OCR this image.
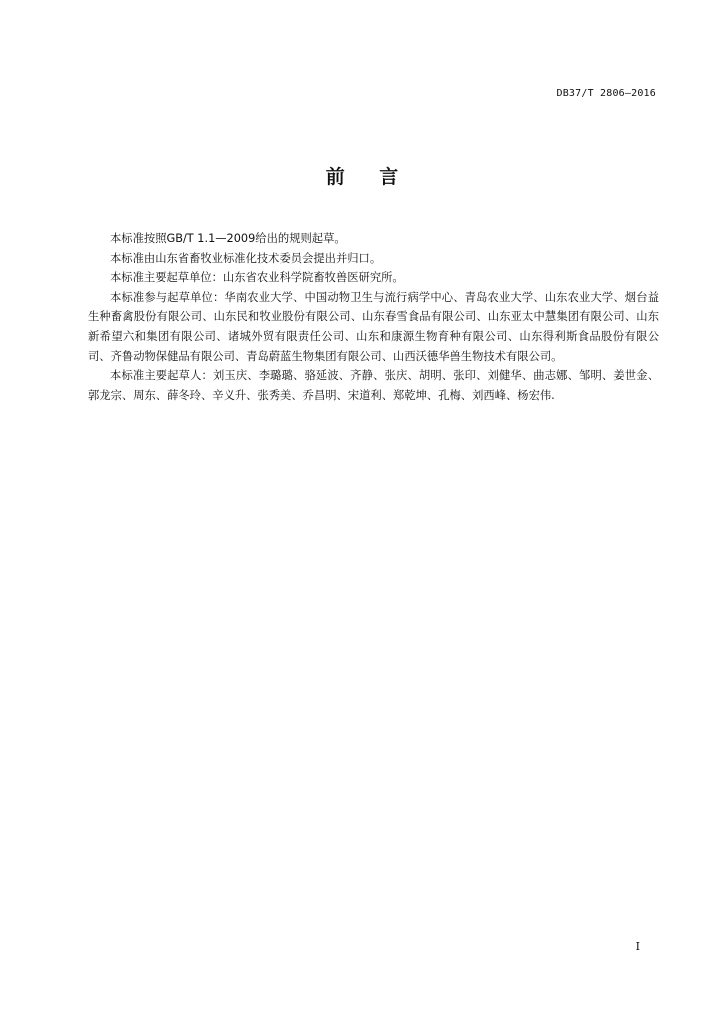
DB37/T 2806—2016
前 言

本标准按照GB/T 1.1—2009给出的规则起草。

本标准由山东省畜牧业标准化技术委员会提出并归口。

本标准主要起草单位：山东省农业科学院畜牧兽医研究所。

本标准参与起草单位：华南农业大学、中国动物卫生与流行病学中心、青岛农业大学、山东农业大学、烟台益生种畜禽股份有限公司、山东民和牧业股份有限公司、山东春雪食品有限公司、山东亚太中慧集团有限公司、山东新希望六和集团有限公司、诸城外贸有限责任公司、山东和康源生物育种有限公司、山东得利斯食品股份有限公司、齐鲁动物保健品有限公司、青岛蔚蓝生物集团有限公司、山西沃德华兽生物技术有限公司。

本标准主要起草人：刘玉庆、李璐璐、骆延波、齐静、张庆、胡明、张印、刘健华、曲志娜、邹明、姜世金、郭龙宗、周东、薛冬玲、辛义升、张秀美、乔昌明、宋道利、郑乾坤、孔梅、刘西峰、杨宏伟.

I
